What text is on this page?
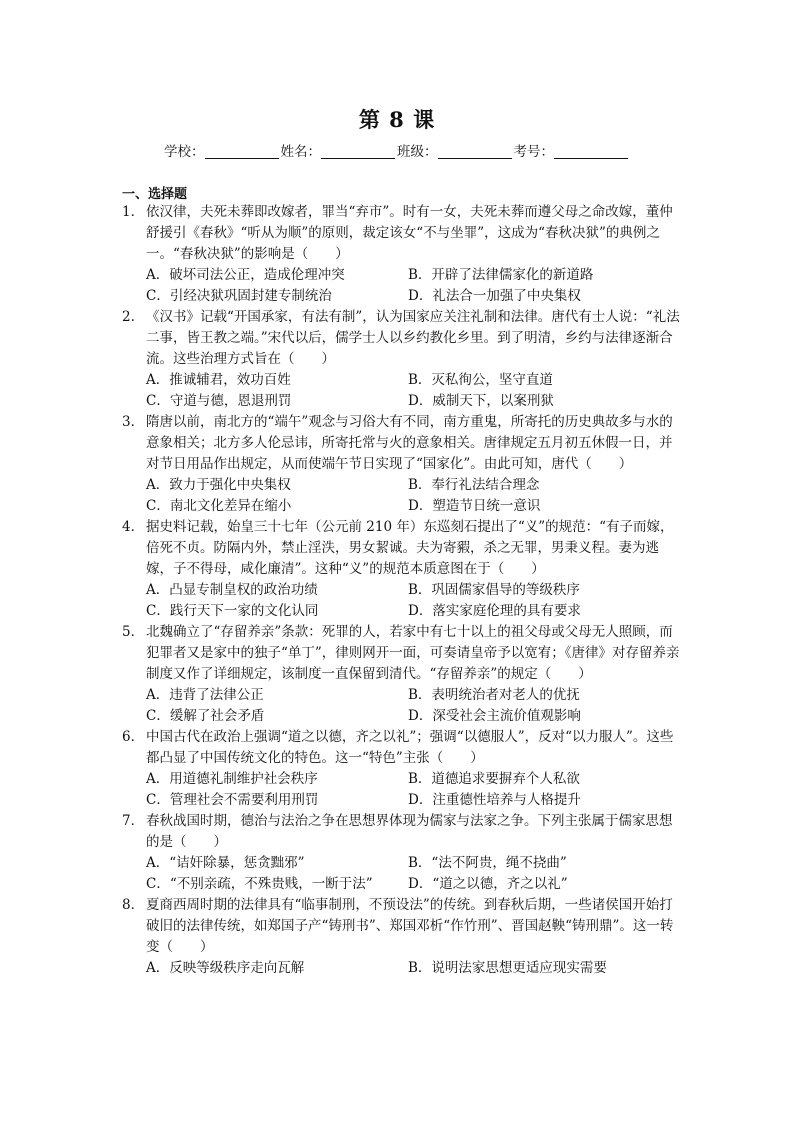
第 8 课
学校：	姓名：	班级：	考号：
一、选择题
1． 依汉律，夫死未葬即改嫁者，罪当“弃市”。时有一女，夫死未葬而遵父母之命改嫁，董仲舒援引《春秋》“听从为顺”的原则，裁定该女“不与坐罪”，这成为“春秋决狱”的典例之一。“春秋决狱”的影响是（　　）
A．破坏司法公正，造成伦理冲突	B．开辟了法律儒家化的新道路
C．引经决狱巩固封建专制统治	D．礼法合一加强了中央集权
2. 《汉书》记载“开国承家，有法有制”，认为国家应关注礼制和法律。唐代有士人说：“礼法二事，皆王教之端。”宋代以后，儒学士人以乡约教化乡里。到了明清，乡约与法律逐渐合流。这些治理方式旨在（　　）
A．推诚辅君，效功百姓	B．灭私徇公，坚守直道
C．守道与德，恩退刑罚	D．威制天下，以案刑狱
3． 隋唐以前，南北方的“端午”观念与习俗大有不同，南方重鬼，所寄托的历史典故多与水的意象相关；北方多人伦忌讳，所寄托常与火的意象相关。唐律规定五月初五休假一日，并对节日用品作出规定，从而使端午节日实现了“国家化”。由此可知，唐代（　　）
A．致力于强化中央集权	B．奉行礼法结合理念
C．南北文化差异在缩小	D．塑造节日统一意识
4． 据史料记载，始皇三十七年（公元前 210 年）东巡刻石提出了“义”的规范：“有子而嫁，倍死不贞。防隔内外，禁止淫泆，男女絜诚。夫为寄豭，杀之无罪，男秉义程。妻为逃嫁，子不得母，咸化廉清”。这种“义”的规范本质意图在于（　　）
A．凸显专制皇权的政治功绩	B．巩固儒家倡导的等级秩序
C．践行天下一家的文化认同	D．落实家庭伦理的具有要求
5． 北魏确立了“存留养亲”条款：死罪的人，若家中有七十以上的祖父母或父母无人照顾，而犯罪者又是家中的独子“单丁”，律则网开一面，可奏请皇帝予以宽宥；《唐律》对存留养亲制度又作了详细规定，该制度一直保留到清代。“存留养亲”的规定（　　）
A．违背了法律公正	B．表明统治者对老人的优抚
C．缓解了社会矛盾	D．深受社会主流价值观影响
6． 中国古代在政治上强调“道之以德，齐之以礼”；强调“以德服人”，反对“以力服人”。这些都凸显了中国传统文化的特色。这一“特色”主张（　　）
A．用道德礼制维护社会秩序	B．道德追求要摒弃个人私欲
C．管理社会不需要利用刑罚	D．注重德性培养与人格提升
7． 春秋战国时期，德治与法治之争在思想界体现为儒家与法家之争。下列主张属于儒家思想的是（　　）
A．“诘奸除暴，惩贪黜邪”	B．“法不阿贵，绳不挠曲”
C．“不别亲疏，不殊贵贱，一断于法”	D．“道之以德，齐之以礼”
8． 夏商西周时期的法律具有“临事制刑，不预设法”的传统。到春秋后期，一些诸侯国开始打破旧的法律传统，如郑国子产“铸刑书”、郑国邓析“作竹刑”、晋国赵鞅“铸刑鼎”。这一转变（　　）
A．反映等级秩序走向瓦解	B．说明法家思想更适应现实需要
